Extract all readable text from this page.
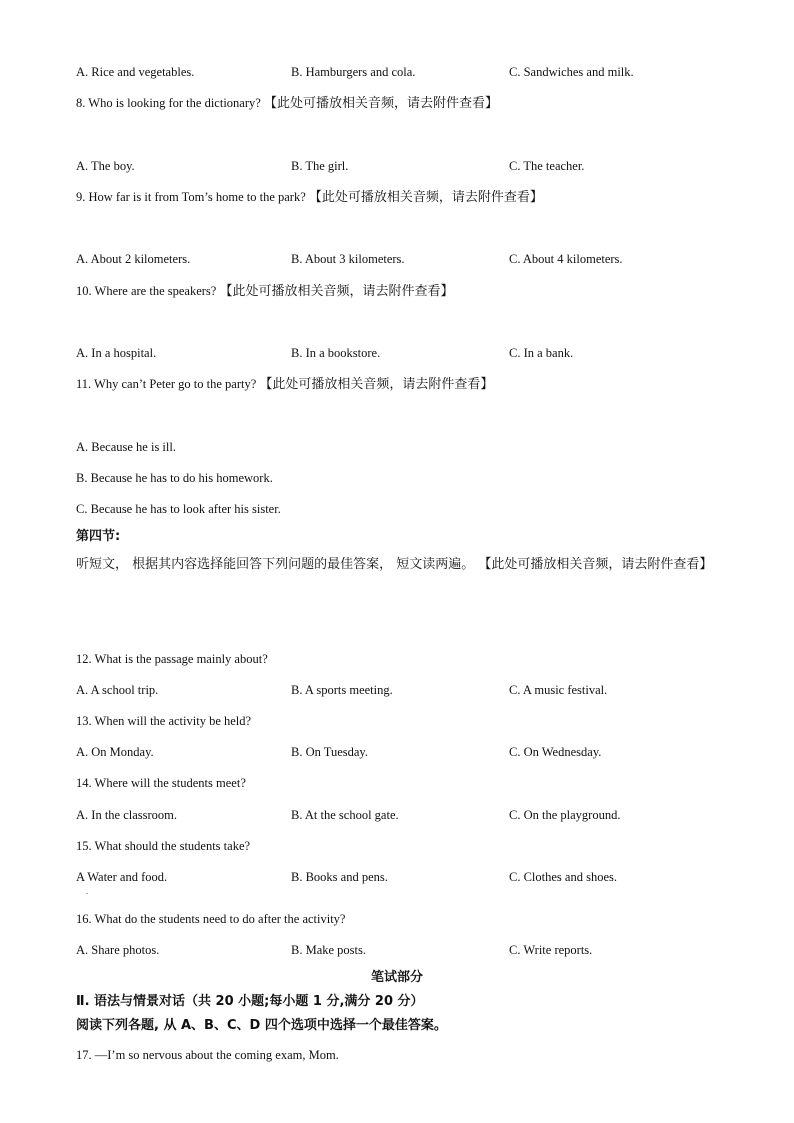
A. Rice and vegetables.	B. Hamburgers and cola.	C. Sandwiches and milk.
8. Who is looking for the dictionary? 【此处可播放相关音频，请去附件查看】
A. The boy.	B. The girl.	C. The teacher.
9. How far is it from Tom’s home to the park? 【此处可播放相关音频，请去附件查看】
A. About 2 kilometers.	B. About 3 kilometers.	C. About 4 kilometers.
10. Where are the speakers? 【此处可播放相关音频，请去附件查看】
A. In a hospital.	B. In a bookstore.	C. In a bank.
11. Why can’t Peter go to the party? 【此处可播放相关音频，请去附件查看】
A. Because he is ill.
B. Because he has to do his homework.
C. Because he has to look after his sister.
第四节:
听短文， 根据其内容选择能回答下列问题的最佳答案， 短文读两遍。 【此处可播放相关音频，请去附件查看】
12. What is the passage mainly about?
A. A school trip.	B. A sports meeting.	C. A music festival.
13. When will the activity be held?
A. On Monday.	B. On Tuesday.	C. On Wednesday.
14. Where will the students meet?
A. In the classroom.	B. At the school gate.	C. On the playground.
15. What should the students take?
A Water and food.	B. Books and pens.	C. Clothes and shoes.
.
16. What do the students need to do after the activity?
A. Share photos.	B. Make posts.	C. Write reports.
笔试部分
Ⅱ. 语法与情景对话（共 20 小题;每小题 1 分,满分 20 分）
阅读下列各题, 从 A、B、C、D 四个选项中选择一个最佳答案。
17. —I’m so nervous about the coming exam, Mom.
